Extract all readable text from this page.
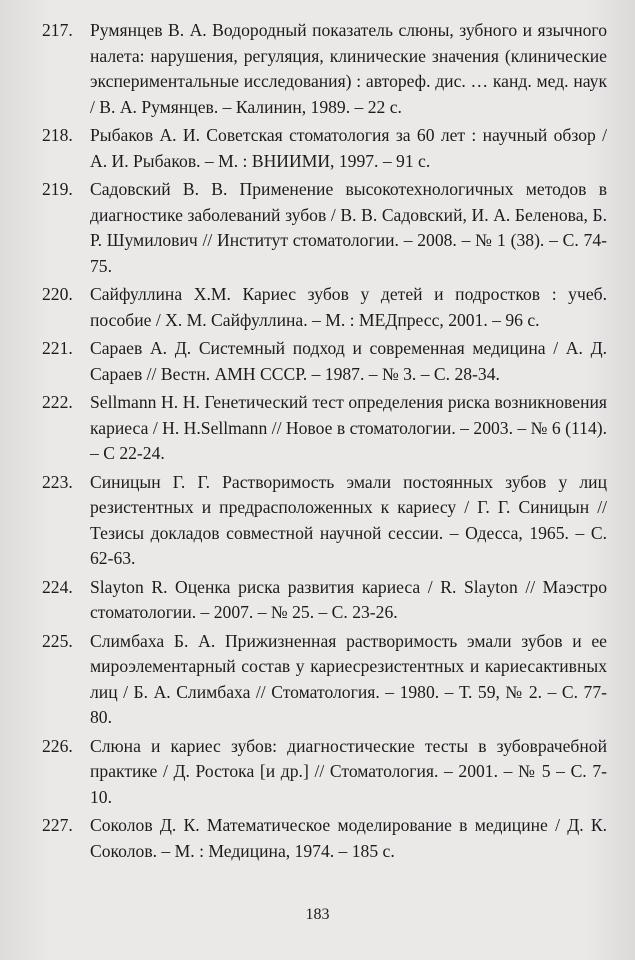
217. Румянцев В. А. Водородный показатель слюны, зубного и язычного налета: нарушения, регуляция, клинические значения (клинические экспериментальные исследования) : автореф. дис. … канд. мед. наук / В. А. Румянцев. – Калинин, 1989. – 22 с.
218. Рыбаков А. И. Советская стоматология за 60 лет : научный обзор / А. И. Рыбаков. – М. : ВНИИМИ, 1997. – 91 с.
219. Садовский В. В. Применение высокотехнологичных методов в диагностике заболеваний зубов / В. В. Садовский, И. А. Беленова, Б. Р. Шумилович // Институт стоматологии. – 2008. – № 1 (38). – С. 74-75.
220. Сайфуллина Х.М. Кариес зубов у детей и подростков : учеб. пособие / Х. М. Сайфуллина. – М. : МЕДпресс, 2001. – 96 с.
221. Сараев А. Д. Системный подход и современная медицина / А. Д. Сараев // Вестн. АМН СССР. – 1987. – № 3. – С. 28-34.
222. Sellmann H. H. Генетический тест определения риска возникновения кариеса / H. H.Sellmann // Новое в стоматологии. – 2003. – № 6 (114). – С 22-24.
223. Синицын Г. Г. Растворимость эмали постоянных зубов у лиц резистентных и предрасположенных к кариесу / Г. Г. Синицын // Тезисы докладов совместной научной сессии. – Одесса, 1965. – С. 62-63.
224. Slayton R. Оценка риска развития кариеса / R. Slayton // Маэстро стоматологии. – 2007. – № 25. – С. 23-26.
225. Слимбаха Б. А. Прижизненная растворимость эмали зубов и ее мироэлементарный состав у кариесрезистентных и кариесактивных лиц / Б. А. Слимбаха // Стоматология. – 1980. – Т. 59, № 2. – С. 77-80.
226. Слюна и кариес зубов: диагностические тесты в зубоврачебной практике / Д. Ростока [и др.] // Стоматология. – 2001. – № 5 – С. 7-10.
227. Соколов Д. К. Математическое моделирование в медицине / Д. К. Соколов. – М. : Медицина, 1974. – 185 с.
183
